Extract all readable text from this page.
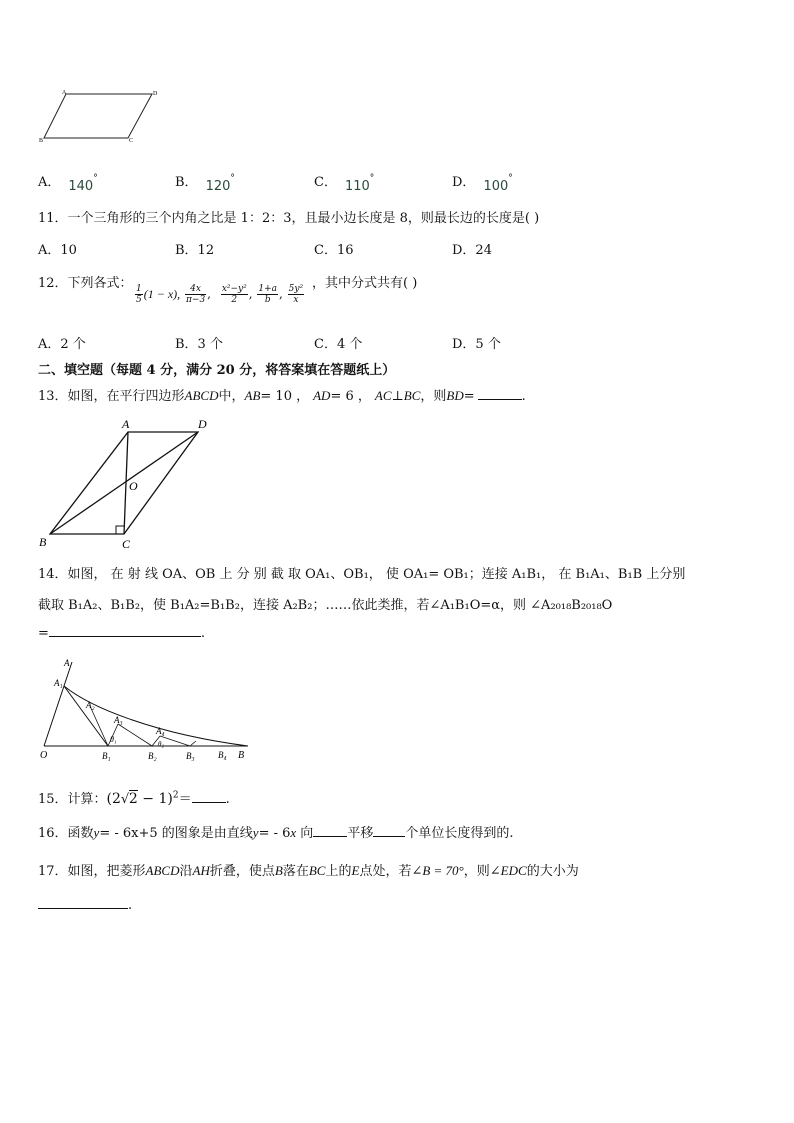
A	D
B	C
A． 140°	B． 120°	C． 110°	D． 100°
11．一个三角形的三个内角之比是 1：2：3，且最小边长度是 8，则最长边的长度是( )
A．10	B．12	C．16	D．24
12．下列各式：
$\frac{1}{5} (1 - x)$, $\frac{4x}{\pi-3}$ , $\frac{\text{x²−y²}}{2}$ , $\frac{1+a}{b}$ , $\frac{\text{5y²}}{x}$
，其中分式共有( )
A．2 个	B．3 个	C．4 个	D．5 个
二、填空题（每题 4 分，满分 20 分，将答案填在答题纸上）
13．如图，在平行四边形ABCD中，AB= 10 ， AD= 6 ， AC⊥BC，则BD=	.
A	D
O
B	C
14．如图， 在 射 线 OA、OB 上 分 别 截 取 OA₁、OB₁， 使 OA₁= OB₁；连接 A₁B₁， 在 B₁A₁、B₁B 上分别
截取 B₁A₂、B₁B₂，使 B₁A₂=B₁B₂，连接 A₂B₂；……依此类推，若∠A₁B₁O=α，则 ∠A₂₀₁₈B₂₀₁₈O
=	.
A
A₁
A₂
A₃
A₄
θ₁	θ₂
O	B₁	B₂	B₃	B₄ B
15．计算：$(2√2 - 1)^2=$	.
16．函数y= - 6x+5 的图象是由直线y= - 6x 向	平移 个单位长度得到的.
17．如图，把菱形ABCD沿AH折叠，使点B落在BC上的E点处，若∠B = 70°，则∠EDC的大小为
.
